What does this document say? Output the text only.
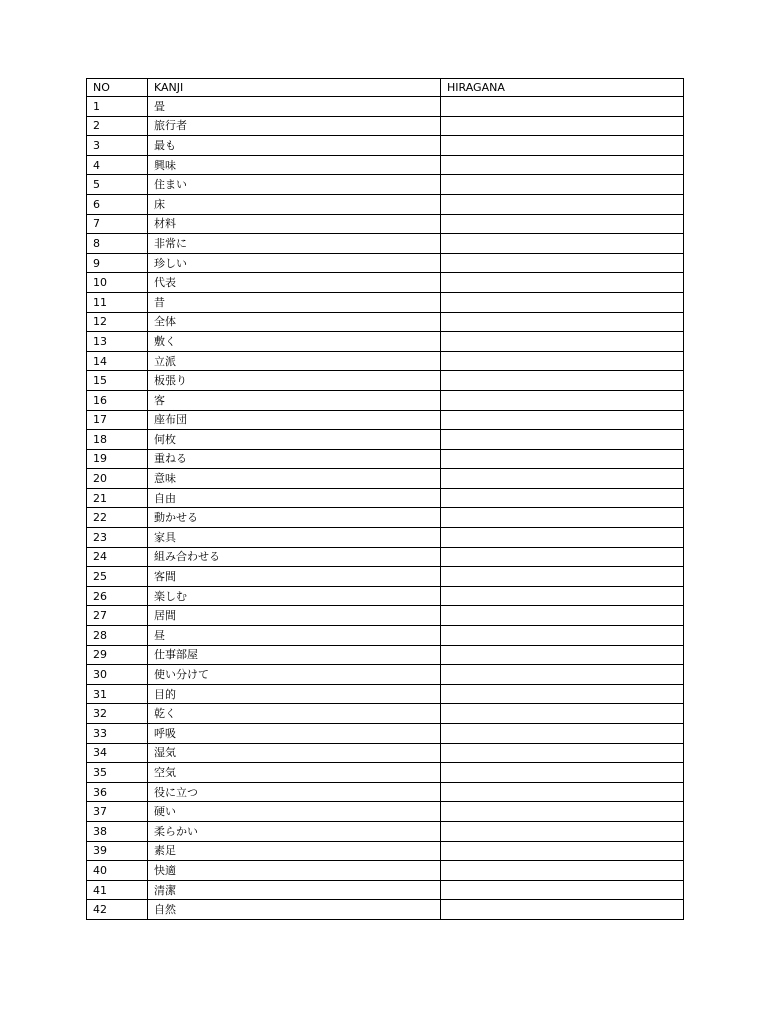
NO	KANJI	HIRAGANA
1	畳	
2	旅行者	
3	最も	
4	興味	
5	住まい	
6	床	
7	材料	
8	非常に	
9	珍しい	
10	代表	
11	昔	
12	全体	
13	敷く	
14	立派	
15	板張り	
16	客	
17	座布団	
18	何枚	
19	重ねる	
20	意味	
21	自由	
22	動かせる	
23	家具	
24	組み合わせる	
25	客間	
26	楽しむ	
27	居間	
28	昼	
29	仕事部屋	
30	使い分けて	
31	目的	
32	乾く	
33	呼吸	
34	湿気	
35	空気	
36	役に立つ	
37	硬い	
38	柔らかい	
39	素足	
40	快適	
41	清潔	
42	自然	
